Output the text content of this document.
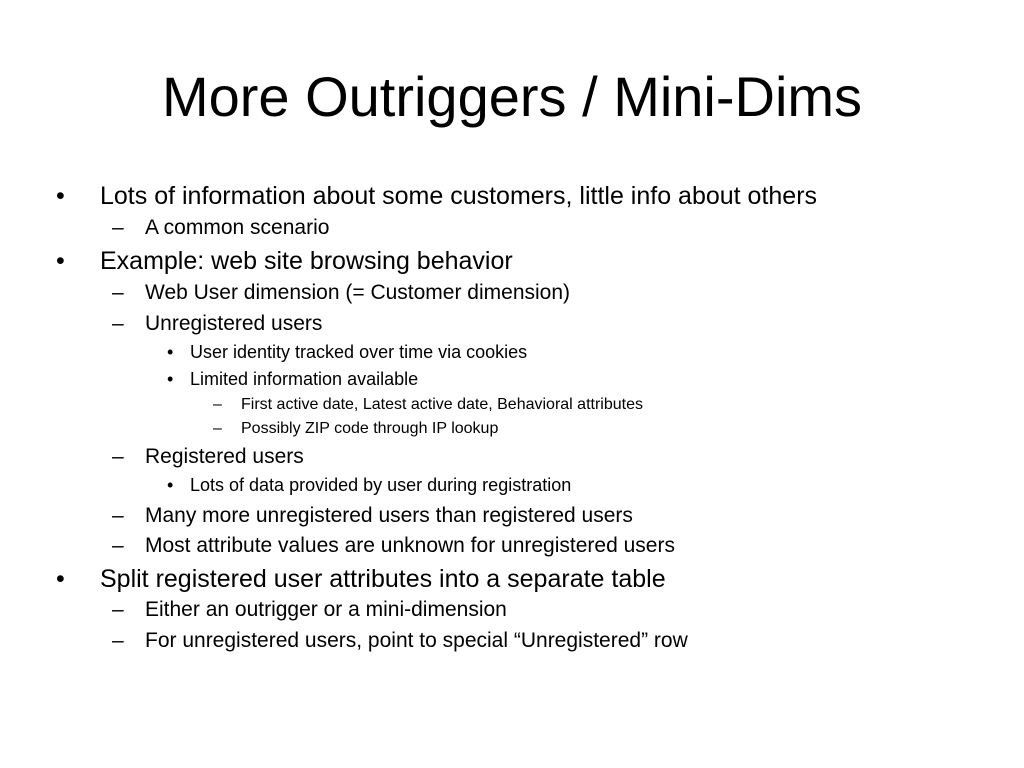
More Outriggers / Mini-Dims
• Lots of information about some customers, little info about others
– A common scenario
• Example: web site browsing behavior
– Web User dimension (= Customer dimension)
– Unregistered users
• User identity tracked over time via cookies
• Limited information available
– First active date, Latest active date, Behavioral attributes
– Possibly ZIP code through IP lookup
– Registered users
• Lots of data provided by user during registration
– Many more unregistered users than registered users
– Most attribute values are unknown for unregistered users
• Split registered user attributes into a separate table
– Either an outrigger or a mini-dimension
– For unregistered users, point to special “Unregistered” row
